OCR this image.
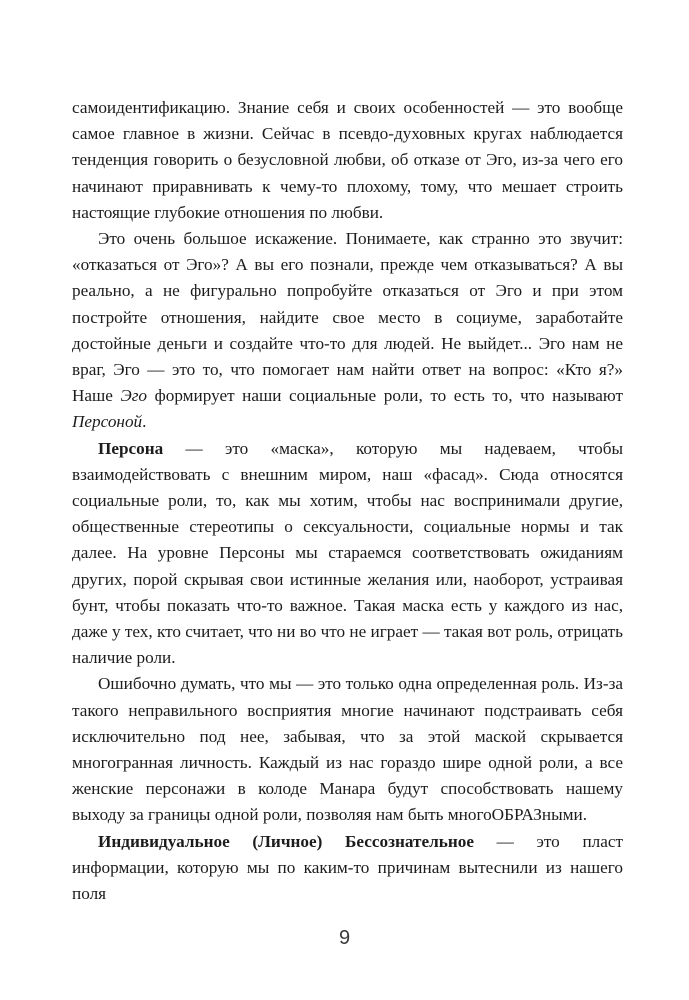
самоидентификацию. Знание себя и своих особенностей — это вообще самое главное в жизни. Сейчас в псевдо-духовных кругах наблюдается тенденция говорить о безусловной любви, об отказе от Эго, из-за чего его начинают приравнивать к чему-то плохому, тому, что мешает строить настоящие глубокие отношения по любви.

Это очень большое искажение. Понимаете, как странно это звучит: «отказаться от Эго»? А вы его познали, прежде чем отказываться? А вы реально, а не фигурально попробуйте отказаться от Эго и при этом постройте отношения, найдите свое место в социуме, заработайте достойные деньги и создайте что-то для людей. Не выйдет... Эго нам не враг, Эго — это то, что помогает нам найти ответ на вопрос: «Кто я?» Наше Эго формирует наши социальные роли, то есть то, что называют Персоной.

Персона — это «маска», которую мы надеваем, чтобы взаимодействовать с внешним миром, наш «фасад». Сюда относятся социальные роли, то, как мы хотим, чтобы нас воспринимали другие, общественные стереотипы о сексуальности, социальные нормы и так далее. На уровне Персоны мы стараемся соответствовать ожиданиям других, порой скрывая свои истинные желания или, наоборот, устраивая бунт, чтобы показать что-то важное. Такая маска есть у каждого из нас, даже у тех, кто считает, что ни во что не играет — такая вот роль, отрицать наличие роли.

Ошибочно думать, что мы — это только одна определенная роль. Из-за такого неправильного восприятия многие начинают подстраивать себя исключительно под нее, забывая, что за этой маской скрывается многогранная личность. Каждый из нас гораздо шире одной роли, а все женские персонажи в колоде Манара будут способствовать нашему выходу за границы одной роли, позволяя нам быть многоОБРАЗными.

Индивидуальное (Личное) Бессознательное — это пласт информации, которую мы по каким-то причинам вытеснили из нашего поля

9
